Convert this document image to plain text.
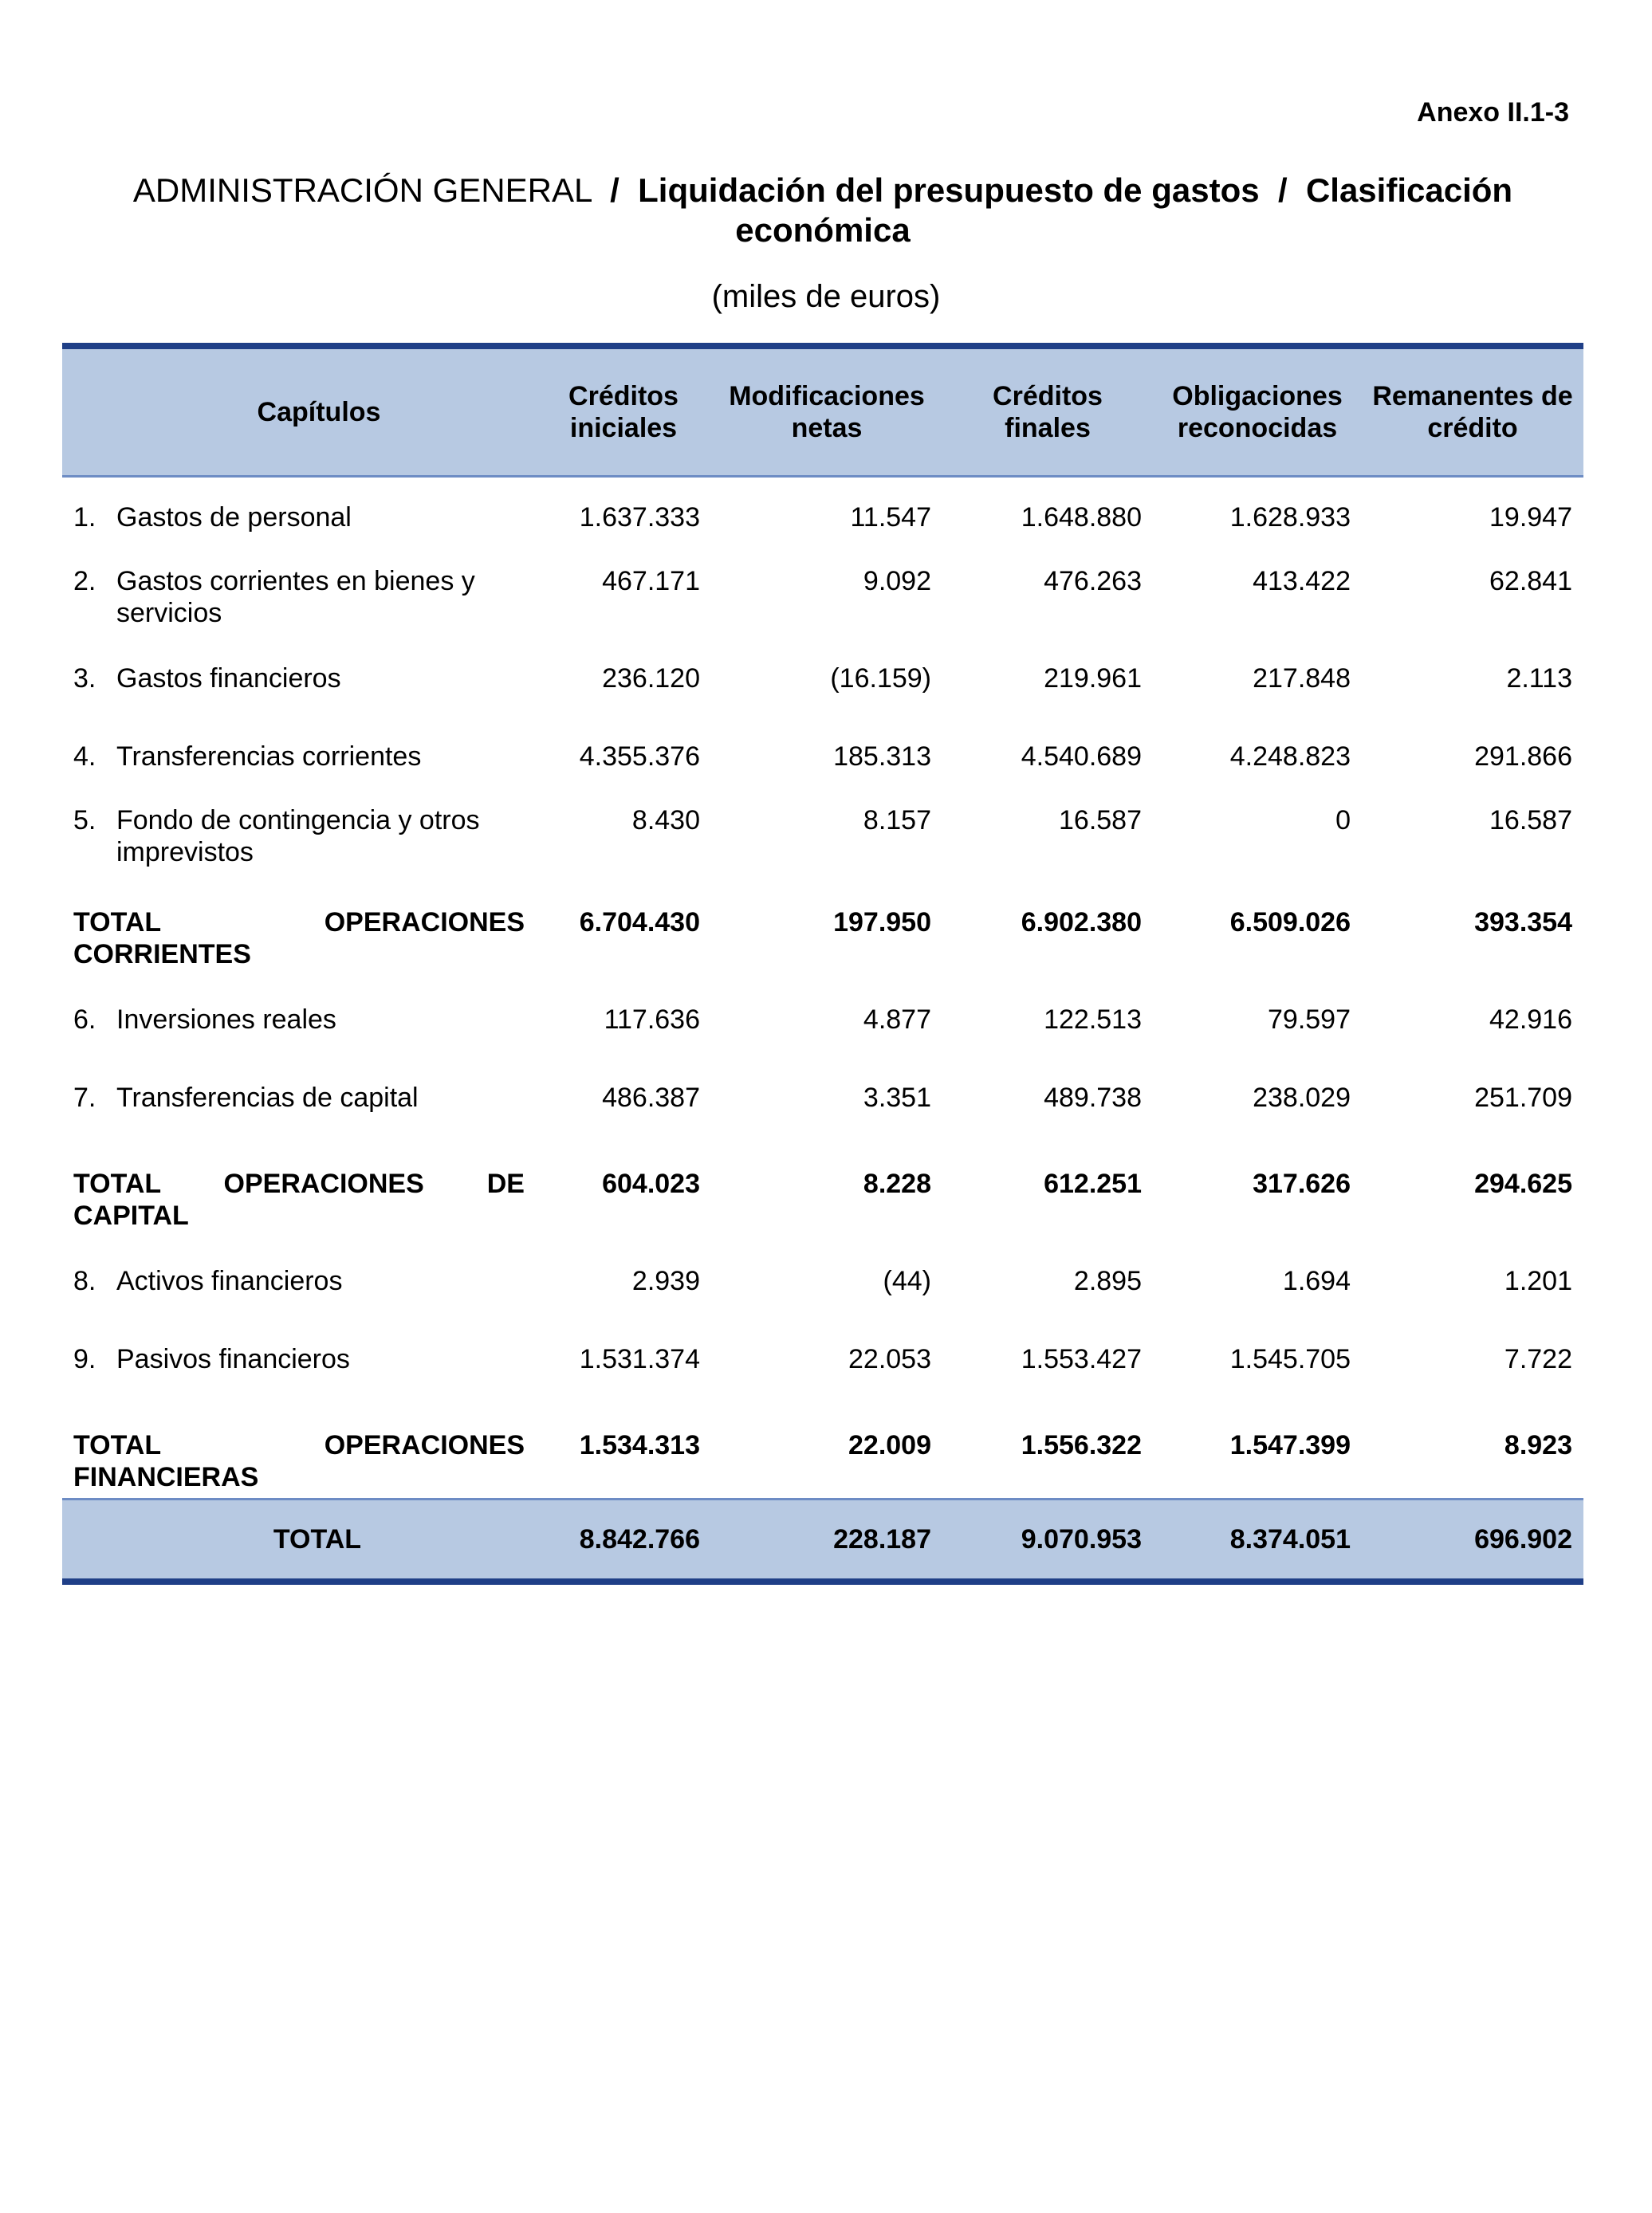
Anexo II.1-3
ADMINISTRACIÓN GENERAL / Liquidación del presupuesto de gastos / Clasificación económica
(miles de euros)
Capítulos	Créditos iniciales	Modificaciones netas	Créditos finales	Obligaciones reconocidas	Remanentes de crédito

1. Gastos de personal	1.637.333	11.547	1.648.880	1.628.933	19.947

2. Gastos corrientes en bienes y servicios	467.171	9.092	476.263	413.422	62.841

3. Gastos financieros	236.120	(16.159)	219.961	217.848	2.113

4. Transferencias corrientes	4.355.376	185.313	4.540.689	4.248.823	291.866

5. Fondo de contingencia y otros imprevistos	8.430	8.157	16.587	0	16.587

TOTAL OPERACIONES CORRIENTES	6.704.430	197.950	6.902.380	6.509.026	393.354

6. Inversiones reales	117.636	4.877	122.513	79.597	42.916

7. Transferencias de capital	486.387	3.351	489.738	238.029	251.709

TOTAL OPERACIONES DE CAPITAL	604.023	8.228	612.251	317.626	294.625

8. Activos financieros	2.939	(44)	2.895	1.694	1.201

9. Pasivos financieros	1.531.374	22.053	1.553.427	1.545.705	7.722

TOTAL OPERACIONES FINANCIERAS	1.534.313	22.009	1.556.322	1.547.399	8.923

TOTAL	8.842.766	228.187	9.070.953	8.374.051	696.902
